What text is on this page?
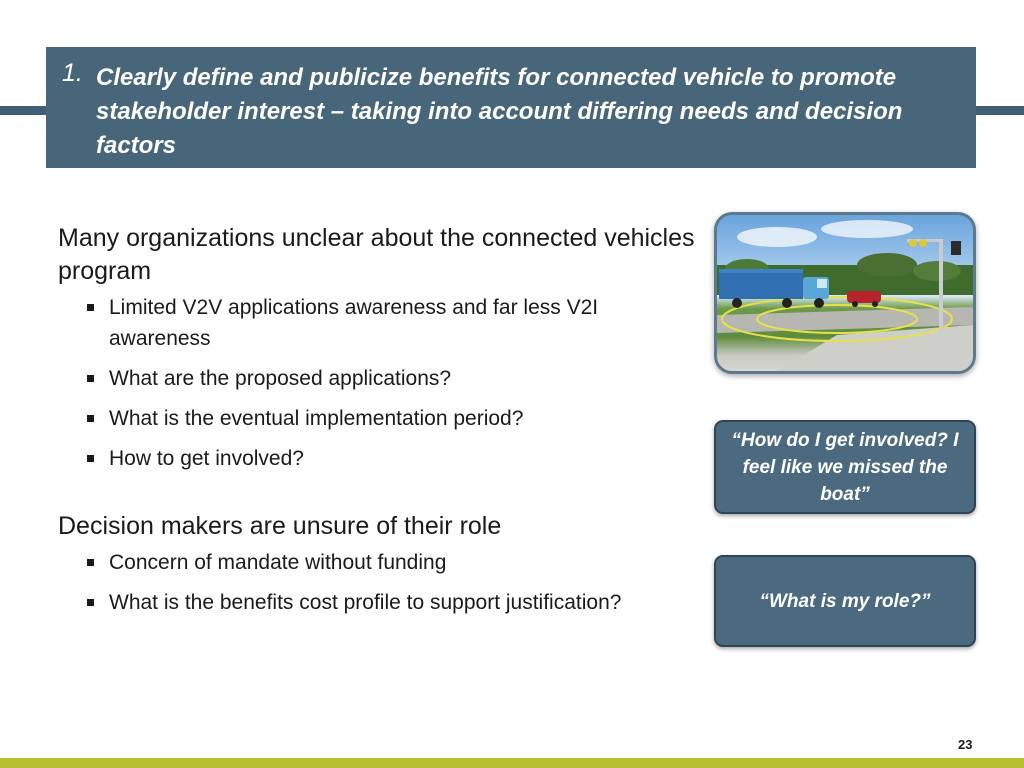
1. Clearly define and publicize benefits for connected vehicle to promote stakeholder interest – taking into account differing needs and decision factors

Many organizations unclear about the connected vehicles program

Limited V2V applications awareness and far less V2I awareness
What are the proposed applications?
What is the eventual implementation period?
How to get involved?

Decision makers are unsure of their role

Concern of mandate without funding
What is the benefits cost profile to support justification?
“How do I get involved? I feel like we missed the boat”
“What is my role?”
23
